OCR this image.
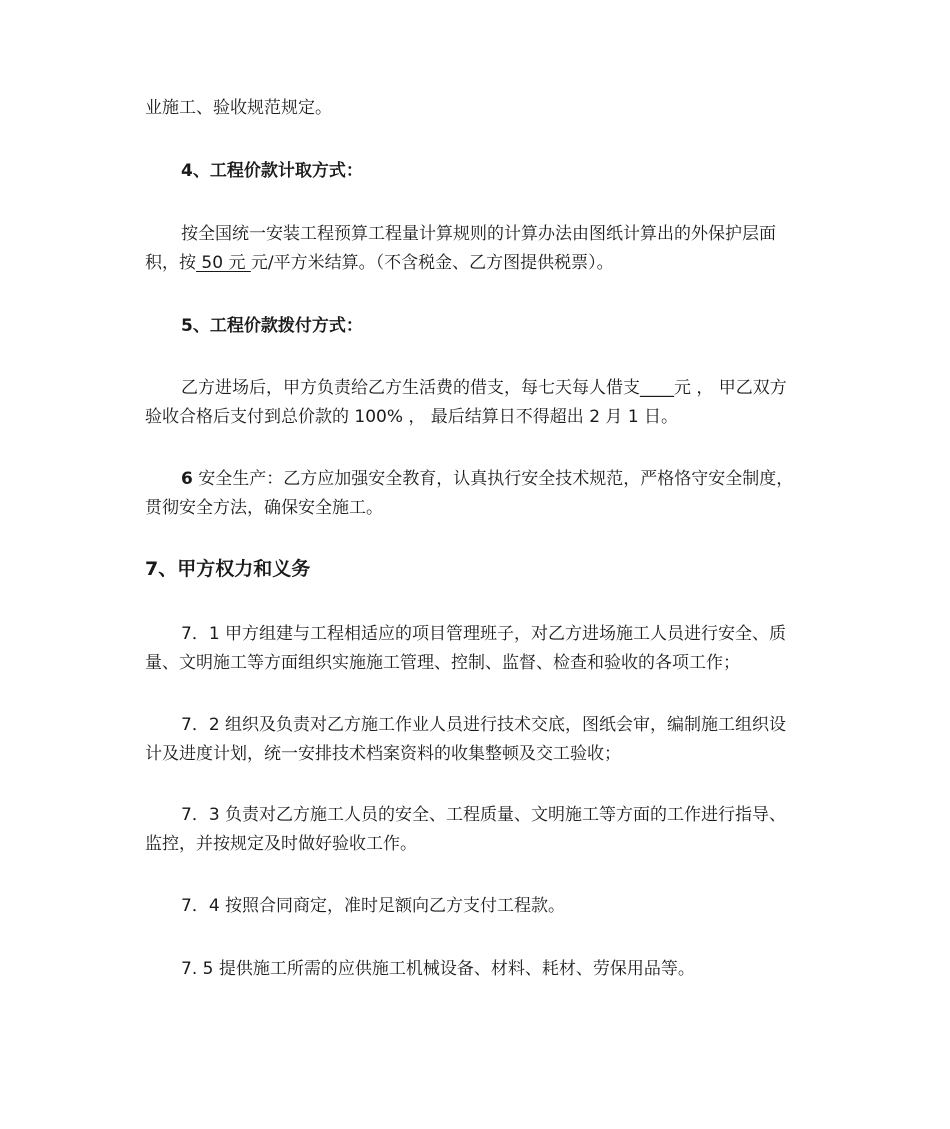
业施工、验收规范规定。
4、工程价款计取方式：
按全国统一安装工程预算工程量计算规则的计算办法由图纸计算出的外保护层面
积，按 50 元 元/平方米结算。（不含税金、乙方图提供税票）。
5、工程价款拨付方式：
乙方进场后，甲方负责给乙方生活费的借支，每七天每人借支____元 ， 甲乙双方
验收合格后支付到总价款的 100% ， 最后结算日不得超出 2 月 1 日。
6 安全生产：乙方应加强安全教育，认真执行安全技术规范，严格恪守安全制度，
贯彻安全方法，确保安全施工。
7、甲方权力和义务
7．1 甲方组建与工程相适应的项目管理班子，对乙方进场施工人员进行安全、质
量、文明施工等方面组织实施施工管理、控制、监督、检查和验收的各项工作；
7．2 组织及负责对乙方施工作业人员进行技术交底，图纸会审，编制施工组织设
计及进度计划，统一安排技术档案资料的收集整顿及交工验收；
7．3 负责对乙方施工人员的安全、工程质量、文明施工等方面的工作进行指导、
监控，并按规定及时做好验收工作。
7．4 按照合同商定，准时足额向乙方支付工程款。
7. 5 提供施工所需的应供施工机械设备、材料、耗材、劳保用品等。
